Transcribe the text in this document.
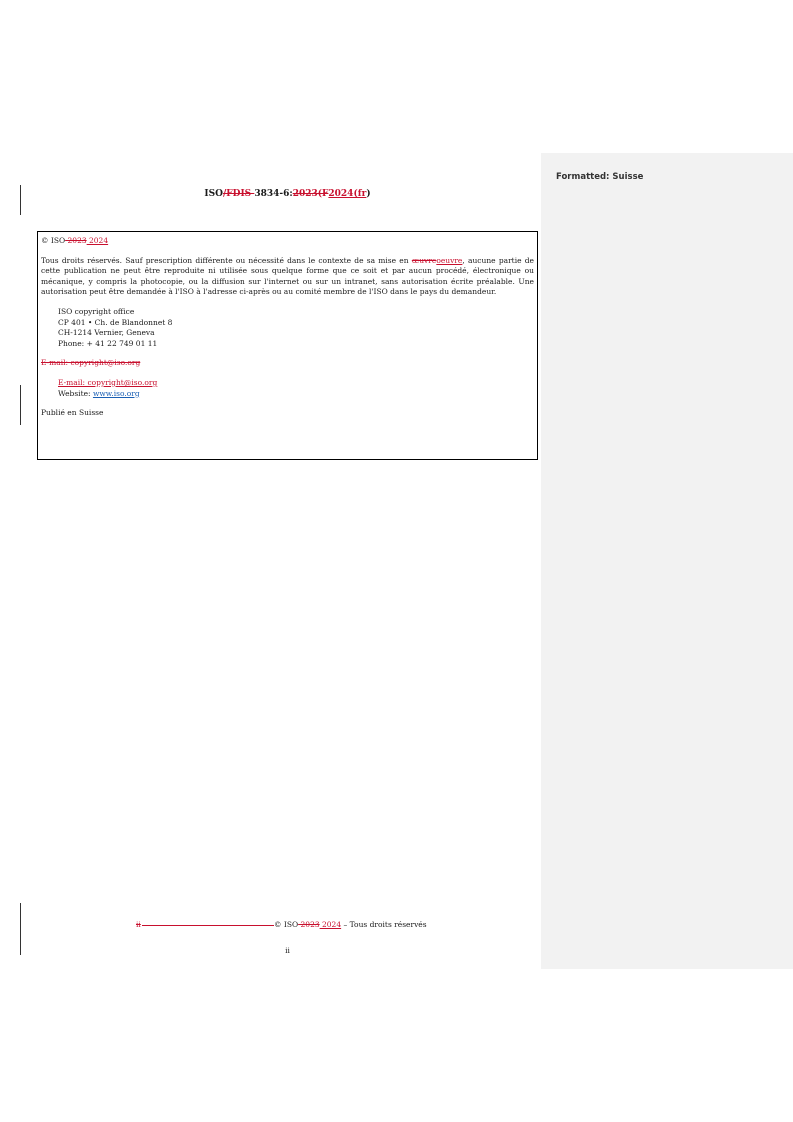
Formatted: Suisse
ISO/FDIS 3834-6:2023(F2024(fr)

© ISO 2023 2024

Tous droits réservés. Sauf prescription différente ou nécessité dans le contexte de sa mise en œuvreoeuvre, aucune partie de cette publication ne peut être reproduite ni utilisée sous quelque forme que ce soit et par aucun procédé, électronique ou mécanique, y compris la photocopie, ou la diffusion sur l'internet ou sur un intranet, sans autorisation écrite préalable. Une autorisation peut être demandée à l'ISO à l'adresse ci-après ou au comité membre de l'ISO dans le pays du demandeur.

ISO copyright office

CP 401 • Ch. de Blandonnet 8

CH-1214 Vernier, Geneva

Phone: + 41 22 749 01 11

E-mail: copyright@iso.org

E-mail: copyright@iso.org

Website: www.iso.org

Publié en Suisse

ii	© ISO 2023 2024 – Tous droits réservés
ii
